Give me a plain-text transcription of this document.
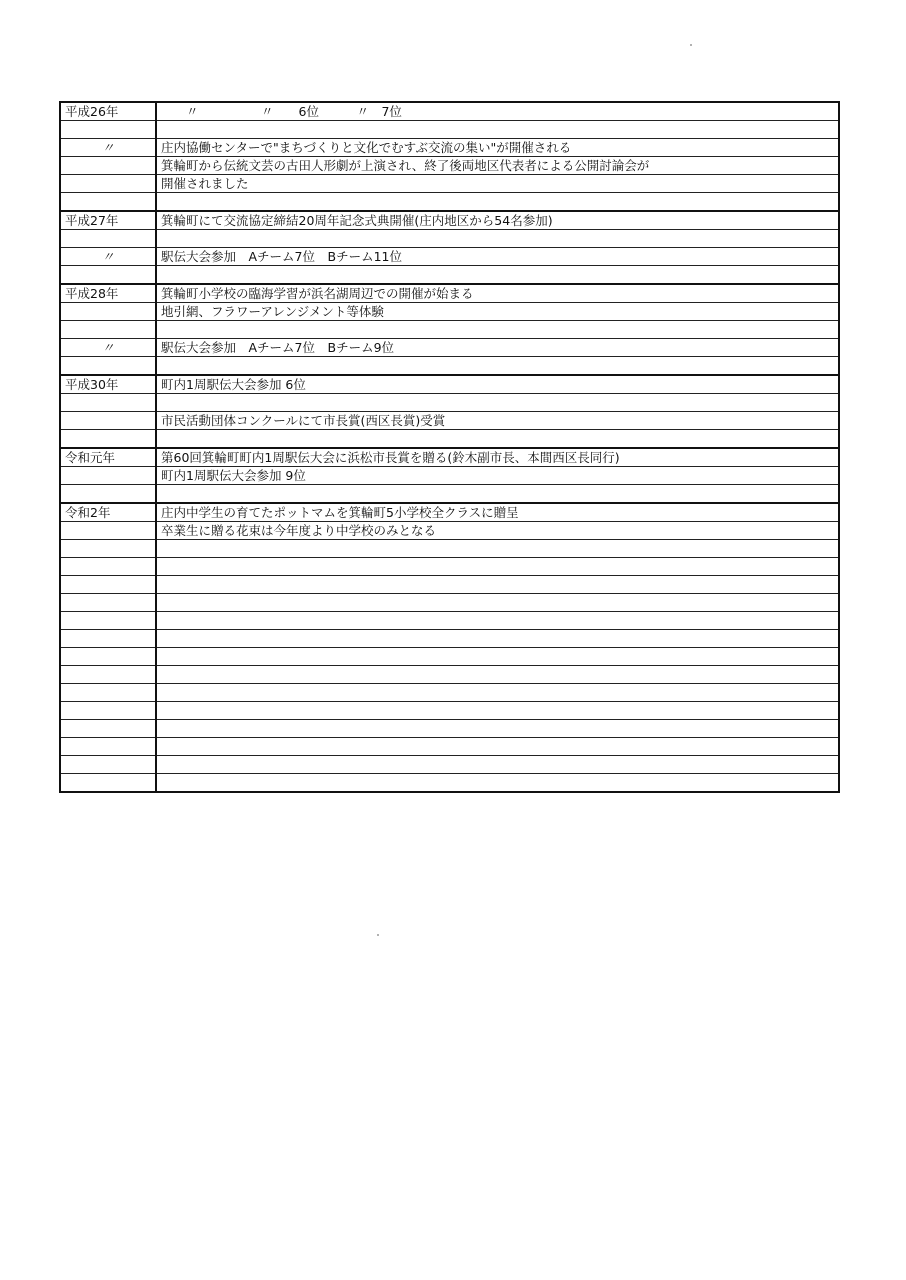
平成26年	　　〃　　　　　〃　　6位　　　〃　7位

〃	庄内協働センターで"まちづくりと文化でむすぶ交流の集い"が開催される
	箕輪町から伝統文芸の古田人形劇が上演され、終了後両地区代表者による公開討論会が
	開催されました

平成27年	箕輪町にて交流協定締結20周年記念式典開催(庄内地区から54名参加)

〃	駅伝大会参加　Aチーム7位　Bチーム11位

平成28年	箕輪町小学校の臨海学習が浜名湖周辺での開催が始まる
	地引網、フラワーアレンジメント等体験

〃	駅伝大会参加　Aチーム7位　Bチーム9位

平成30年	町内1周駅伝大会参加 6位

	市民活動団体コンクールにて市長賞(西区長賞)受賞

令和元年	第60回箕輪町町内1周駅伝大会に浜松市長賞を贈る(鈴木副市長、本間西区長同行)
	町内1周駅伝大会参加 9位

令和2年	庄内中学生の育てたポットマムを箕輪町5小学校全クラスに贈呈
	卒業生に贈る花束は今年度より中学校のみとなる
